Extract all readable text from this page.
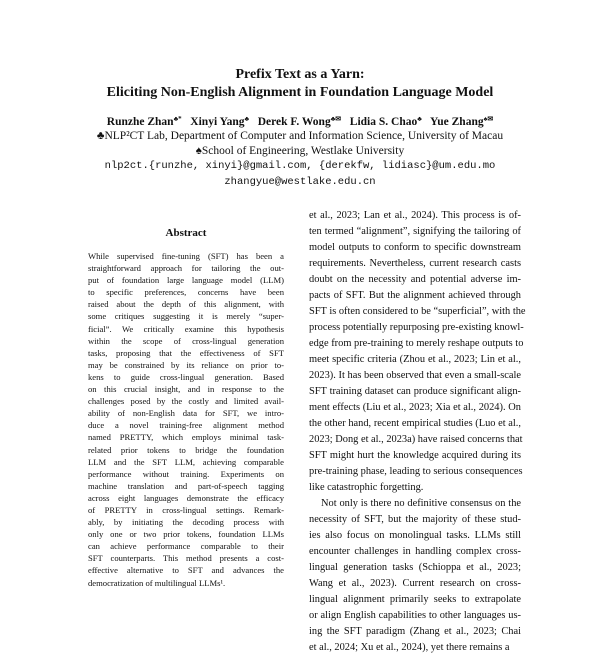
Prefix Text as a Yarn:
Eliciting Non-English Alignment in Foundation Language Model
Runzhe Zhan♣* Xinyi Yang♣ Derek F. Wong♣✉ Lidia S. Chao♣ Yue Zhang♠✉
♣NLP²CT Lab, Department of Computer and Information Science, University of Macau
♠School of Engineering, Westlake University
nlp2ct.{runzhe, xinyi}@gmail.com, {derekfw, lidiasc}@um.edu.mo
zhangyue@westlake.edu.cn
Abstract
While supervised fine-tuning (SFT) has been a
straightforward approach for tailoring the out-
put of foundation large language model (LLM)
to specific preferences, concerns have been
raised about the depth of this alignment, with
some critiques suggesting it is merely “super-
ficial”. We critically examine this hypothesis
within the scope of cross-lingual generation
tasks, proposing that the effectiveness of SFT
may be constrained by its reliance on prior to-
kens to guide cross-lingual generation. Based
on this crucial insight, and in response to the
challenges posed by the costly and limited avail-
ability of non-English data for SFT, we intro-
duce a novel training-free alignment method
named PRETTY, which employs minimal task-
related prior tokens to bridge the foundation
LLM and the SFT LLM, achieving comparable
performance without training. Experiments on
machine translation and part-of-speech tagging
across eight languages demonstrate the efficacy
of PRETTY in cross-lingual settings. Remark-
ably, by initiating the decoding process with
only one or two prior tokens, foundation LLMs
can achieve performance comparable to their
SFT counterparts. This method presents a cost-
effective alternative to SFT and advances the
democratization of multilingual LLMs¹.

et al., 2023; Lan et al., 2024). This process is of-
ten termed “alignment”, signifying the tailoring of
model outputs to conform to specific downstream
requirements. Nevertheless, current research casts
doubt on the necessity and potential adverse im-
pacts of SFT. But the alignment achieved through
SFT is often considered to be “superficial”, with the
process potentially repurposing pre-existing knowl-
edge from pre-training to merely reshape outputs to
meet specific criteria (Zhou et al., 2023; Lin et al.,
2023). It has been observed that even a small-scale
SFT training dataset can produce significant align-
ment effects (Liu et al., 2023; Xia et al., 2024). On
the other hand, recent empirical studies (Luo et al.,
2023; Dong et al., 2023a) have raised concerns that
SFT might hurt the knowledge acquired during its
pre-training phase, leading to serious consequences
like catastrophic forgetting.

Not only is there no definitive consensus on the
necessity of SFT, but the majority of these stud-
ies also focus on monolingual tasks. LLMs still
encounter challenges in handling complex cross-
lingual generation tasks (Schioppa et al., 2023;
Wang et al., 2023). Current research on cross-
lingual alignment primarily seeks to extrapolate
or align English capabilities to other languages us-
ing the SFT paradigm (Zhang et al., 2023; Chai
et al., 2024; Xu et al., 2024), yet there remains a
